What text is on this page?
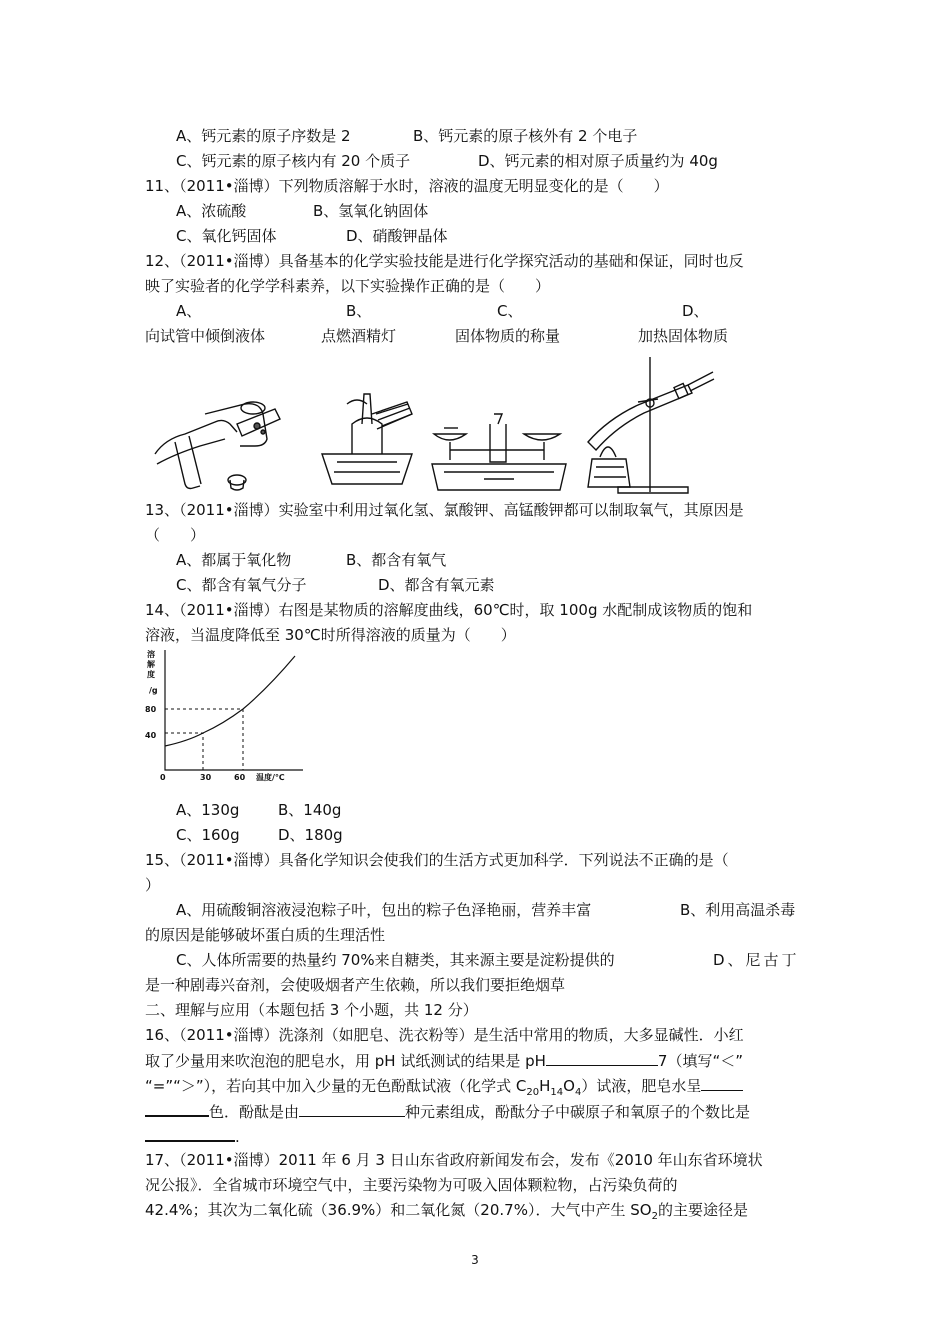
A、钙元素的原子序数是 2	B、钙元素的原子核外有 2 个电子
C、钙元素的原子核内有 20 个质子	D、钙元素的相对原子质量约为 40g
11、（2011•淄博）下列物质溶解于水时，溶液的温度无明显变化的是（　　）
A、浓硫酸	B、氢氧化钠固体
C、氧化钙固体	D、硝酸钾晶体
12、（2011•淄博）具备基本的化学实验技能是进行化学探究活动的基础和保证，同时也反
映了实验者的化学学科素养，以下实验操作正确的是（　　）
A、	B、	C、	D、
向试管中倾倒液体	点燃酒精灯	固体物质的称量	加热固体物质
13、（2011•淄博）实验室中利用过氧化氢、氯酸钾、高锰酸钾都可以制取氧气，其原因是
（　　）
A、都属于氧化物	B、都含有氧气
C、都含有氧气分子	D、都含有氧元素
14、（2011•淄博）右图是某物质的溶解度曲线，60℃时，取 100g 水配制成该物质的饱和
溶液，当温度降低至 30℃时所得溶液的质量为（　　）
溶
解
度
/g
80
40
0	30	60 温度/℃
A、130g	B、140g
C、160g	D、180g
15、（2011•淄博）具备化学知识会使我们的生活方式更加科学．下列说法不正确的是（
）
A、用硫酸铜溶液浸泡粽子叶，包出的粽子色泽艳丽，营养丰富	B、利用高温杀毒
的原因是能够破坏蛋白质的生理活性
C、人体所需要的热量约 70%来自糖类，其来源主要是淀粉提供的	D、尼古丁
是一种剧毒兴奋剂，会使吸烟者产生依赖，所以我们要拒绝烟草
二、理解与应用（本题包括 3 个小题，共 12 分）
16、（2011•淄博）洗涤剂（如肥皂、洗衣粉等）是生活中常用的物质，大多显碱性．小红
取了少量用来吹泡泡的肥皂水，用 pH 试纸测试的结果是 pH	7（填写“＜”
“=”“＞”），若向其中加入少量的无色酚酞试液（化学式 $C_{20}H_{14}O_4$）试液，肥皂水呈
色．酚酞是由	种元素组成，酚酞分子中碳原子和氧原子的个数比是
.
17、（2011•淄博）2011 年 6 月 3 日山东省政府新闻发布会，发布《2010 年山东省环境状
况公报》．全省城市环境空气中，主要污染物为可吸入固体颗粒物，占污染负荷的
42.4%；其次为二氧化硫（36.9%）和二氧化氮（20.7%）．大气中产生 $SO_2$的主要途径是
3
